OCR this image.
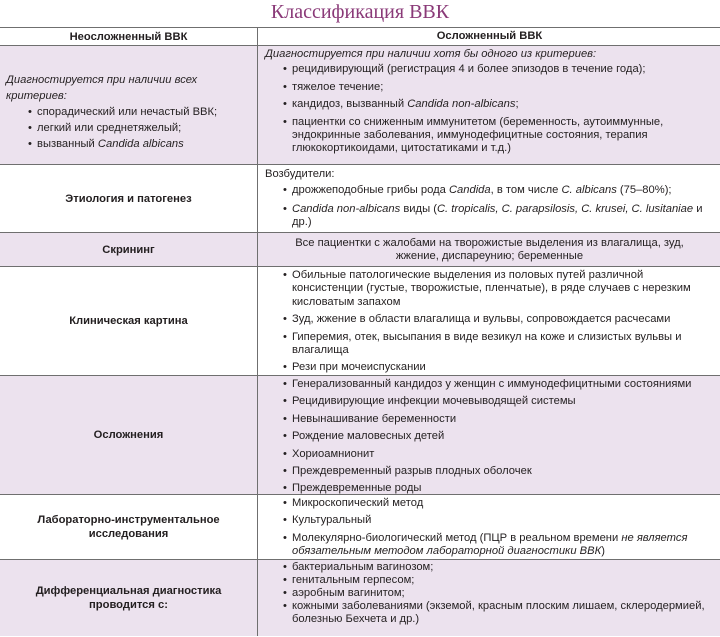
Классификация ВВК
Неосложненный ВВК	Осложненный ВВК
Диагностируется при наличии всех критериев:
• спорадический или нечастый ВВК;
• легкий или среднетяжелый;
• вызванный Candida albicans
Диагностируется при наличии хотя бы одного из критериев:
• рецидивирующий (регистрация 4 и более эпизодов в течение года);
• тяжелое течение;
• кандидоз, вызванный Candida non-albicans;
• пациентки со сниженным иммунитетом (беременность, аутоиммунные, эндокринные заболевания, иммунодефицитные состояния, терапия глюкокортикоидами, цитостатиками и т.д.)
Этиология и патогенез
Возбудители:
• дрожжеподобные грибы рода Candida, в том числе C. albicans (75–80%);
• Candida non-albicans виды (C. tropicalis, C. parapsilosis, C. krusei, C. lusitaniae и др.)
Скрининг
Все пациентки с жалобами на творожистые выделения из влагалища, зуд, жжение, диспареунию; беременные
Клиническая картина
• Обильные патологические выделения из половых путей различной консистенции (густые, творожистые, пленчатые), в ряде случаев с нерезким кисловатым запахом
• Зуд, жжение в области влагалища и вульвы, сопровождается расчесами
• Гиперемия, отек, высыпания в виде везикул на коже и слизистых вульвы и влагалища
• Рези при мочеиспускании
Осложнения
• Генерализованный кандидоз у женщин с иммунодефицитными состояниями
• Рецидивирующие инфекции мочевыводящей системы
• Невынашивание беременности
• Рождение маловесных детей
• Хориоамнионит
• Преждевременный разрыв плодных оболочек
• Преждевременные роды
Лабораторно-инструментальное исследования
• Микроскопический метод
• Культуральный
• Молекулярно-биологический метод (ПЦР в реальном времени не является обязательным методом лабораторной диагностики ВВК)
Дифференциальная диагностика проводится с:
• бактериальным вагинозом;
• генитальным герпесом;
• аэробным вагинитом;
• кожными заболеваниями (экземой, красным плоским лишаем, склеродермией, болезнью Бехчета и др.)
